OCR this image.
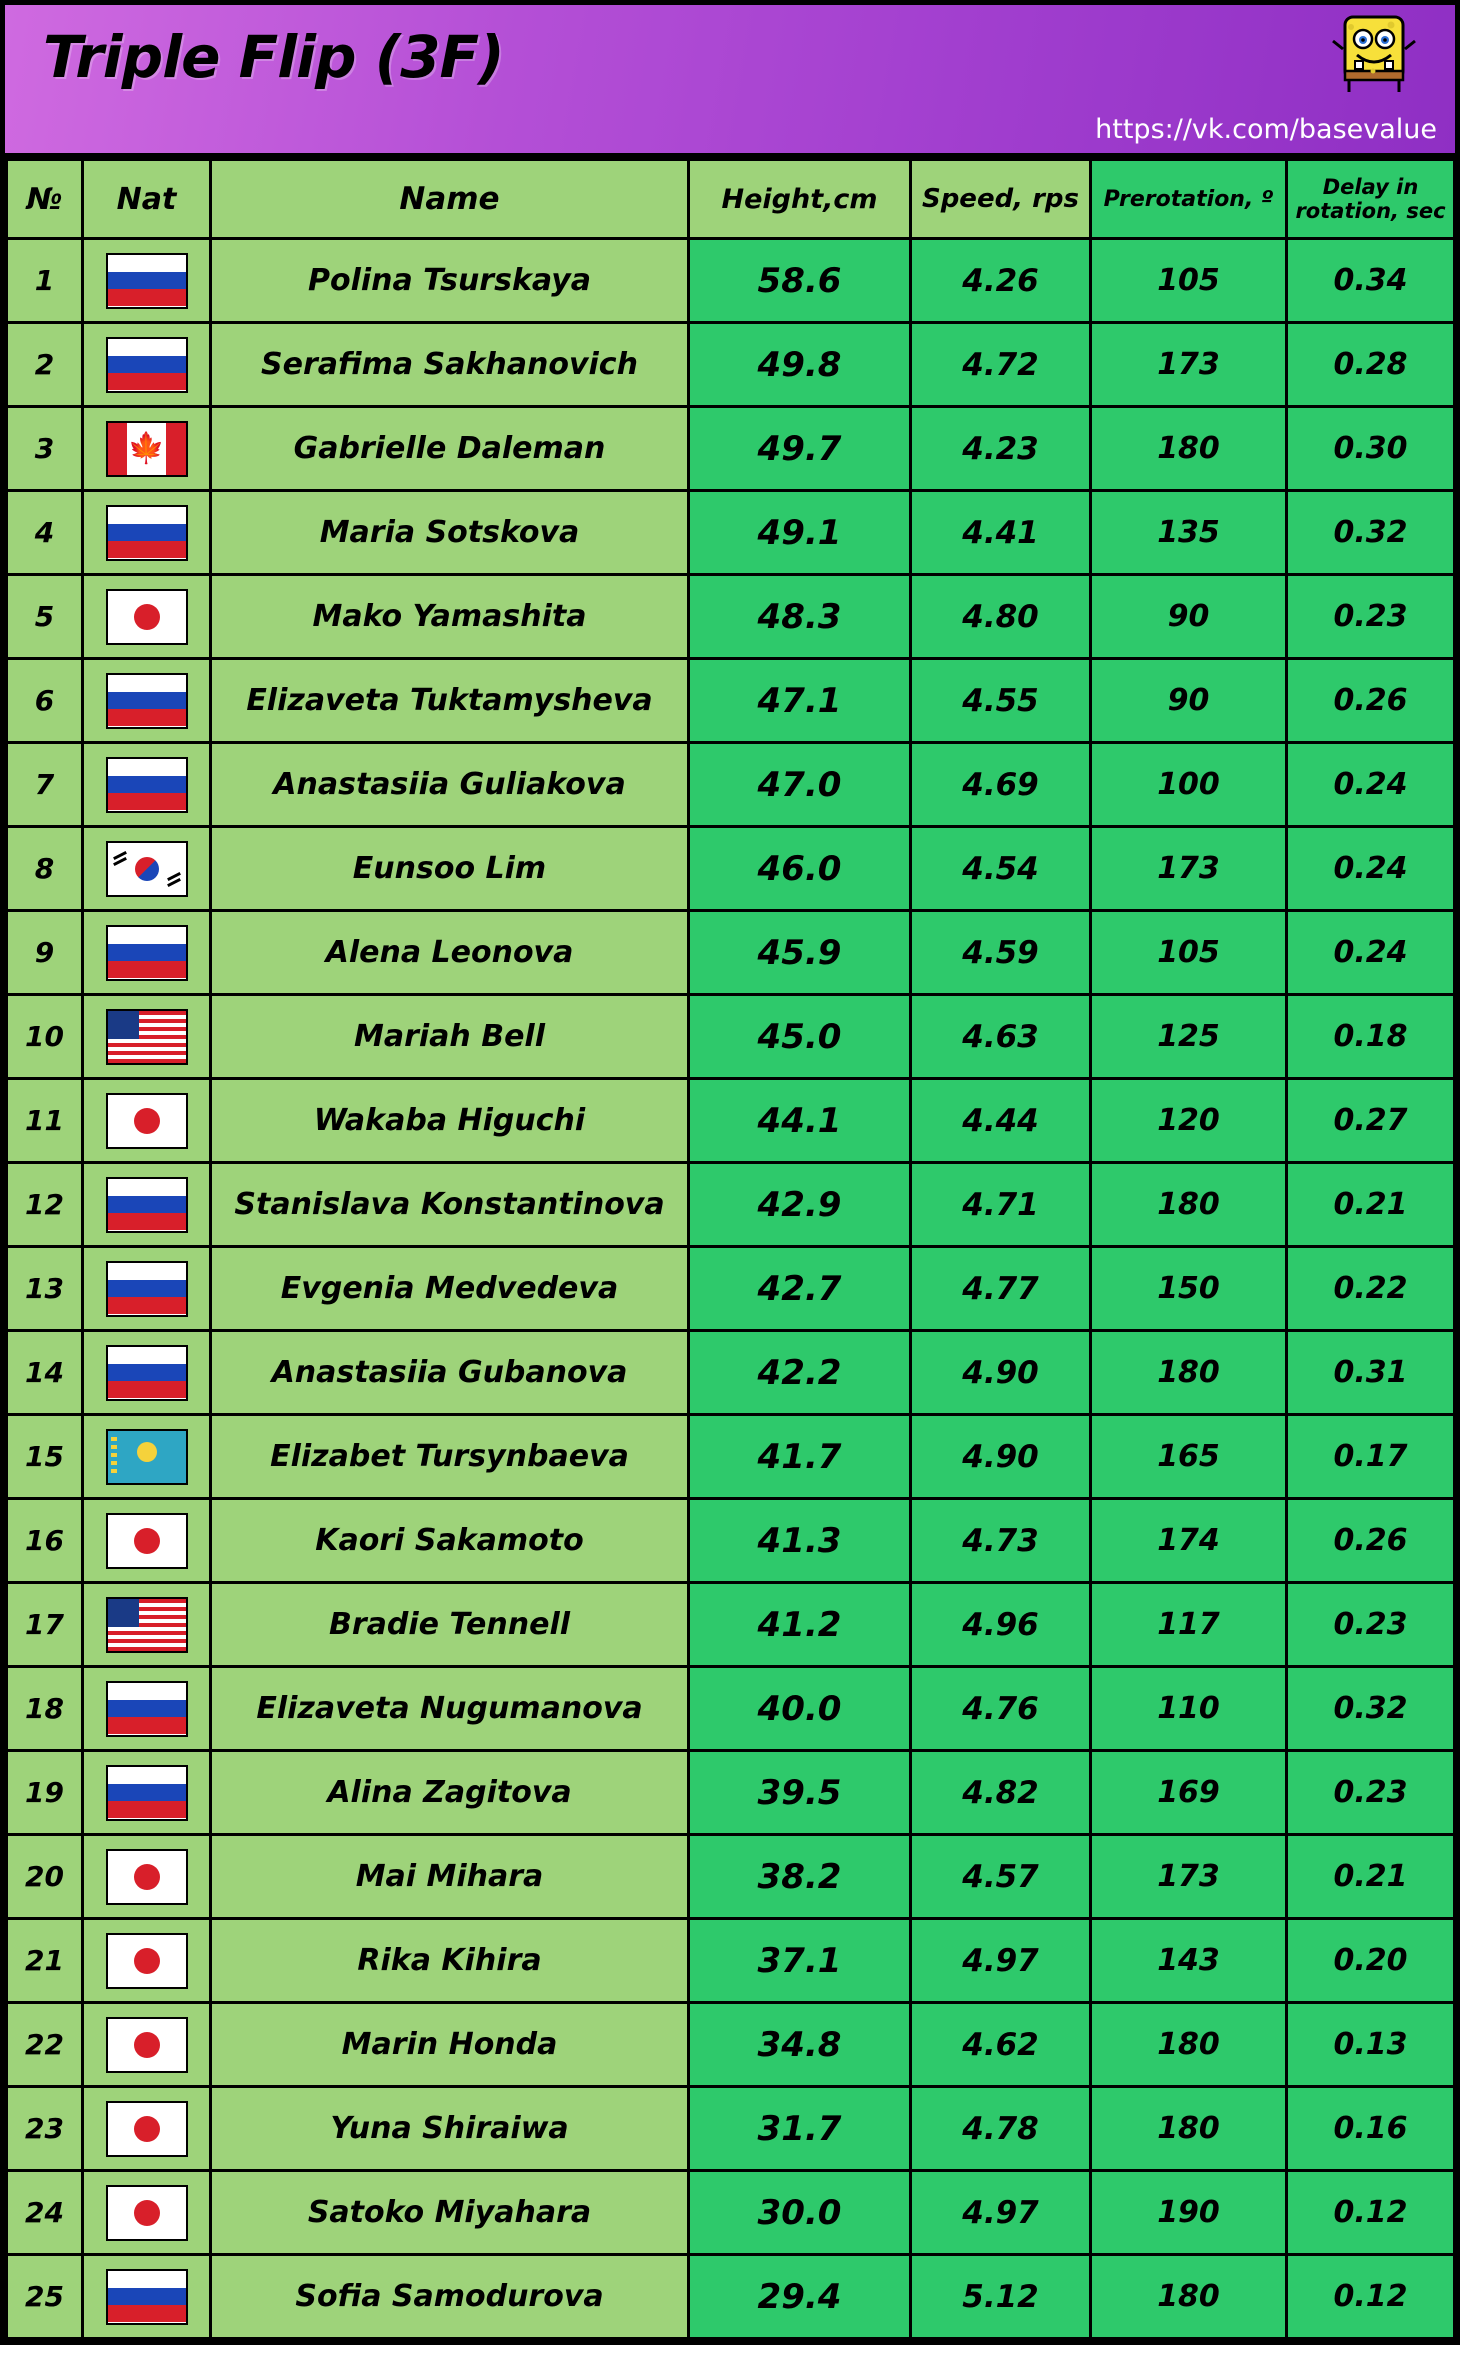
Triple Flip (3F)
https://vk.com/basevalue
№	Nat	Name	Height,cm	Speed, rps	Prerotation, º	Delay in rotation, sec
1		Polina Tsurskaya	58.6	4.26	105	0.34
2		Serafima Sakhanovich	49.8	4.72	173	0.28
3	🍁	Gabrielle Daleman	49.7	4.23	180	0.30
4		Maria Sotskova	49.1	4.41	135	0.32
5		Mako Yamashita	48.3	4.80	90	0.23
6		Elizaveta Tuktamysheva	47.1	4.55	90	0.26
7		Anastasiia Guliakova	47.0	4.69	100	0.24
8		Eunsoo Lim	46.0	4.54	173	0.24
9		Alena Leonova	45.9	4.59	105	0.24
10		Mariah Bell	45.0	4.63	125	0.18
11		Wakaba Higuchi	44.1	4.44	120	0.27
12		Stanislava Konstantinova	42.9	4.71	180	0.21
13		Evgenia Medvedeva	42.7	4.77	150	0.22
14		Anastasiia Gubanova	42.2	4.90	180	0.31
15		Elizabet Tursynbaeva	41.7	4.90	165	0.17
16		Kaori Sakamoto	41.3	4.73	174	0.26
17		Bradie Tennell	41.2	4.96	117	0.23
18		Elizaveta Nugumanova	40.0	4.76	110	0.32
19		Alina Zagitova	39.5	4.82	169	0.23
20		Mai Mihara	38.2	4.57	173	0.21
21		Rika Kihira	37.1	4.97	143	0.20
22		Marin Honda	34.8	4.62	180	0.13
23		Yuna Shiraiwa	31.7	4.78	180	0.16
24		Satoko Miyahara	30.0	4.97	190	0.12
25		Sofia Samodurova	29.4	5.12	180	0.12
